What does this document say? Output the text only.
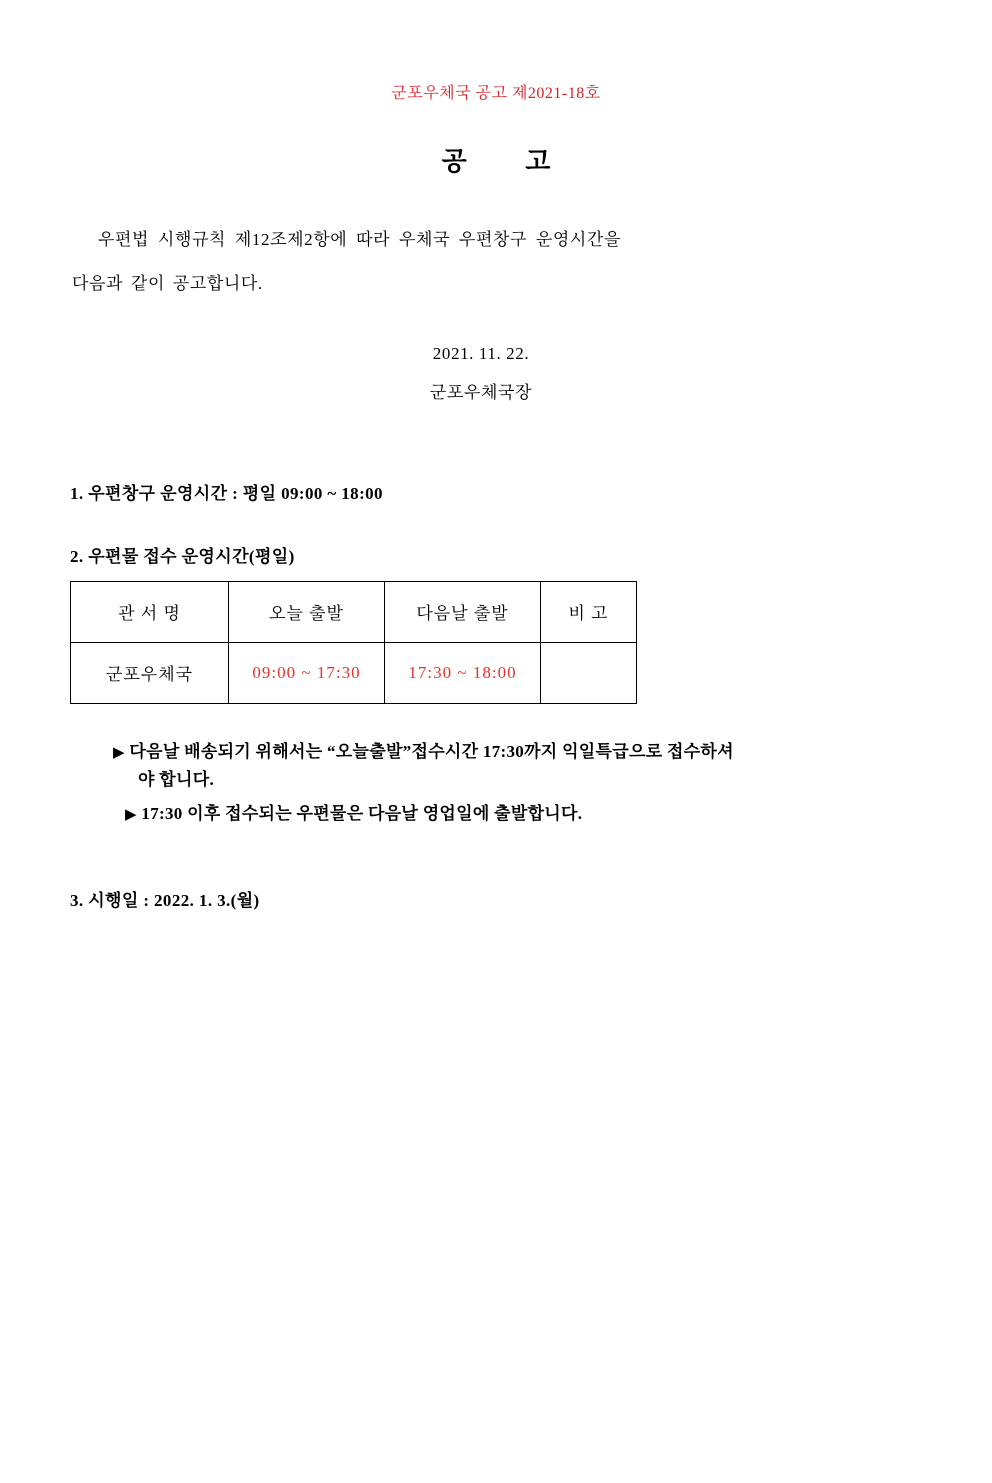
군포우체국 공고 제2021-18호
공 고
우편법 시행규칙 제12조제2항에 따라 우체국 우편창구 운영시간을
다음과 같이 공고합니다.
2021. 11. 22.
군포우체국장
1. 우편창구 운영시간 : 평일 09:00 ~ 18:00
2. 우편물 접수 운영시간(평일)
관 서 명	오늘 출발	다음날 출발	비 고
군포우체국	09:00 ~ 17:30	17:30 ~ 18:00	
▶ 다음날 배송되기 위해서는 “오늘출발”접수시간 17:30까지 익일특급으로 접수하셔야 합니다.
▶ 17:30 이후 접수되는 우편물은 다음날 영업일에 출발합니다.
3. 시행일 : 2022. 1. 3.(월)
